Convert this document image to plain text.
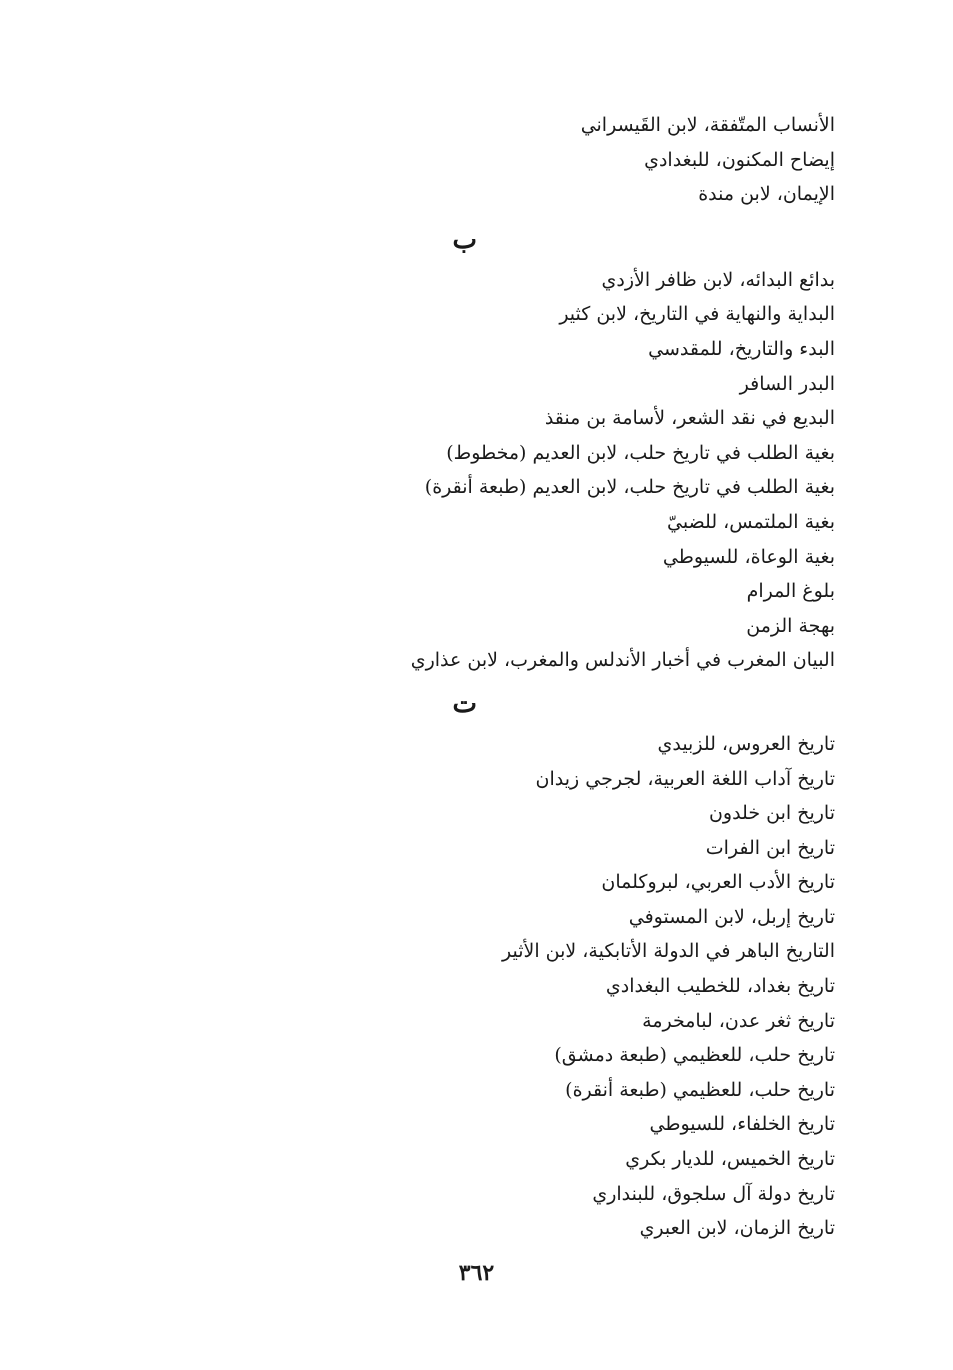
الأنساب المتّفقة، لابن القَيسراني
إيضاح المكنون، للبغدادي
الإيمان، لابن مندة
ب
بدائع البدائه، لابن ظافر الأزدي
البداية والنهاية في التاريخ، لابن كثير
البدء والتاريخ، للمقدسي
البدر السافر
البديع في نقد الشعر، لأسامة بن منقذ
بغية الطلب في تاريخ حلب، لابن العديم (مخطوط)
بغية الطلب في تاريخ حلب، لابن العديم (طبعة أنقرة)
بغية الملتمس، للضبيّ
بغية الوعاة، للسيوطي
بلوغ المرام
بهجة الزمن
البيان المغرب في أخبار الأندلس والمغرب، لابن عذاري
ت
تاريخ العروس، للزبيدي
تاريخ آداب اللغة العربية، لجرجي زيدان
تاريخ ابن خلدون
تاريخ ابن الفرات
تاريخ الأدب العربي، لبروكلمان
تاريخ إربل، لابن المستوفي
التاريخ الباهر في الدولة الأتابكية، لابن الأثير
تاريخ بغداد، للخطيب البغدادي
تاريخ ثغر عدن، لبامخرمة
تاريخ حلب، للعظيمي (طبعة دمشق)
تاريخ حلب، للعظيمي (طبعة أنقرة)
تاريخ الخلفاء، للسيوطي
تاريخ الخميس، للديار بكري
تاريخ دولة آل سلجوق، للبنداري
تاريخ الزمان، لابن العبري
٣٦٢
